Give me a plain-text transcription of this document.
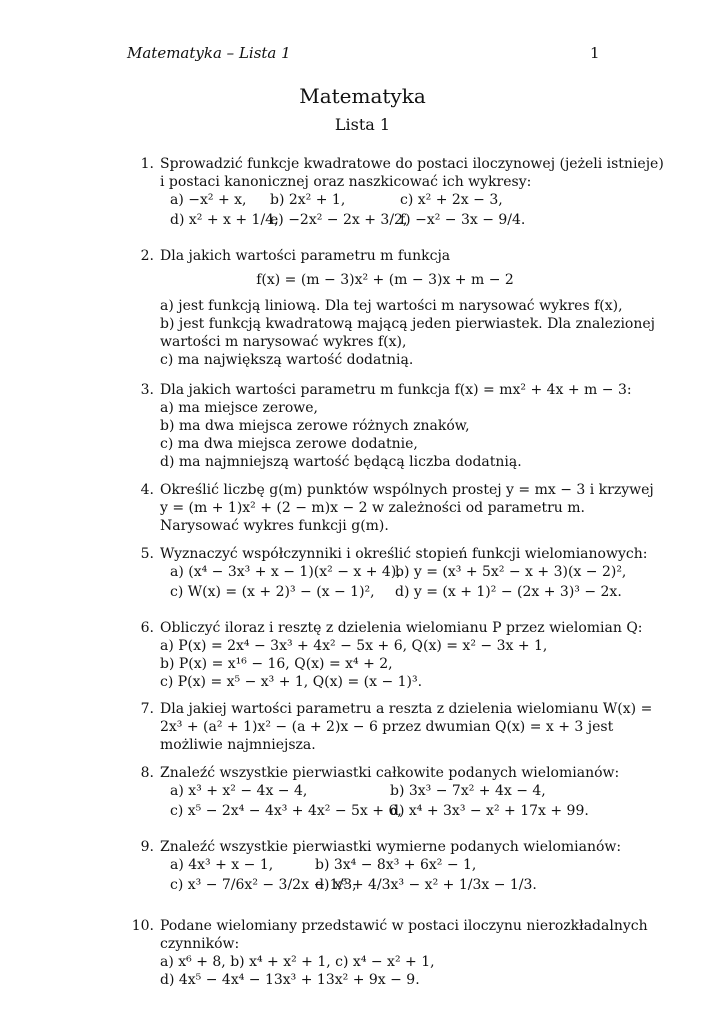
Matematyka – Lista 1	1
Matematyka
Lista 1
1. Sprowadzić funkcje kwadratowe do postaci iloczynowej (jeżeli istnieje)
i postaci kanonicznej oraz naszkicować ich wykresy:
a) −x² + x, b) 2x² + 1,	c) x² + 2x − 3,
d) x² + x + 1/4,
e) −2x² − 2x + 3/2,
f) −x² − 3x − 9/4.
2. Dla jakich wartości parametru m funkcja
f(x) = (m − 3)x² + (m − 3)x + m − 2
a) jest funkcją liniową. Dla tej wartości m narysować wykres f(x),
b) jest funkcją kwadratową mającą jeden pierwiastek. Dla znalezionej
wartości m narysować wykres f(x),
c) ma największą wartość dodatnią.
3. Dla jakich wartości parametru m funkcja f(x) = mx² + 4x + m − 3:
a) ma miejsce zerowe,
b) ma dwa miejsca zerowe różnych znaków,
c) ma dwa miejsca zerowe dodatnie,
d) ma najmniejszą wartość będącą liczba dodatnią.
4. Określić liczbę g(m) punktów wspólnych prostej y = mx − 3 i krzywej
y = (m + 1)x² + (2 − m)x − 2 w zależności od parametru m.
Narysować wykres funkcji g(m).
5. Wyznaczyć współczynniki i określić stopień funkcji wielomianowych:
a) (x⁴ − 3x³ + x − 1)(x² − x + 4),
b) y = (x³ + 5x² − x + 3)(x − 2)²,
c) W(x) = (x + 2)³ − (x − 1)², d) y = (x + 1)² − (2x + 3)³ − 2x.
6. Obliczyć iloraz i resztę z dzielenia wielomianu P przez wielomian Q:
a) P(x) = 2x⁴ − 3x³ + 4x² − 5x + 6, Q(x) = x² − 3x + 1,
b) P(x) = x¹⁶ − 16, Q(x) = x⁴ + 2,
c) P(x) = x⁵ − x³ + 1, Q(x) = (x − 1)³.
7. Dla jakiej wartości parametru a reszta z dzielenia wielomianu W(x) =
2x³ + (a² + 1)x² − (a + 2)x − 6 przez dwumian Q(x) = x + 3 jest
możliwie najmniejsza.
8. Znaleźć wszystkie pierwiastki całkowite podanych wielomianów:
a) x³ + x² − 4x − 4,	b) 3x³ − 7x² + 4x − 4,
c) x⁵ − 2x⁴ − 4x³ + 4x² − 5x + 6,
d) x⁴ + 3x³ − x² + 17x + 99.
9. Znaleźć wszystkie pierwiastki wymierne podanych wielomianów:
a) 4x³ + x − 1,	b) 3x⁴ − 8x³ + 6x² − 1,
c) x³ − 7/6x² − 3/2x − 1/3,
d) x⁵ + 4/3x³ − x² + 1/3x − 1/3.
10. Podane wielomiany przedstawić w postaci iloczynu nierozkładalnych
czynników:
a) x⁶ + 8, b) x⁴ + x² + 1, c) x⁴ − x² + 1,
d) 4x⁵ − 4x⁴ − 13x³ + 13x² + 9x − 9.
